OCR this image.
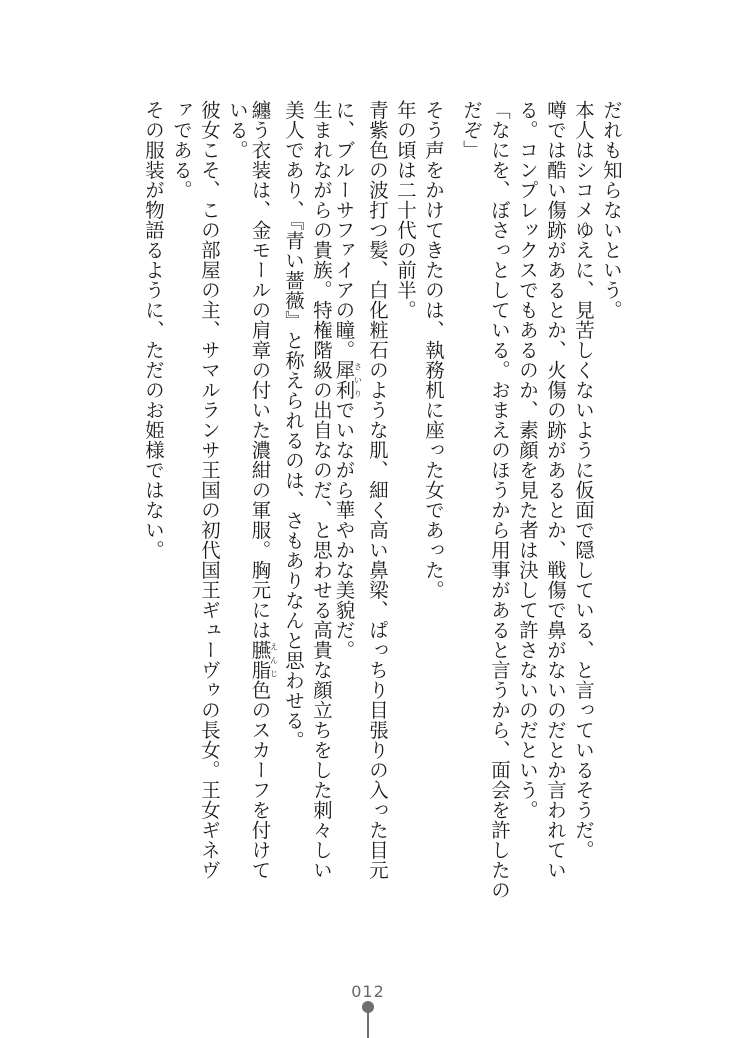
だれも知らないという。
本人はシコメゆえに、見苦しくないように仮面で隠している、と言っているそうだ。
噂では酷い傷跡があるとか、火傷の跡があるとか、戦傷で鼻がないのだとか言われてい
る。コンプレックスでもあるのか、素顔を見た者は決して許さないのだという。
「なにを、ぼさっとしている。おまえのほうから用事があると言うから、面会を許したの
だぞ」
そう声をかけてきたのは、執務机に座った女であった。
年の頃は二十代の前半。
青紫色の波打つ髪、白化粧石のような肌、細く高い鼻梁、ぱっちり目張りの入った目元
に、ブルーサファイアの瞳。犀利さいりでいながら華やかな美貌だ。
生まれながらの貴族。特権階級の出自なのだ、と思わせる高貴な顔立ちをした刺々しい
美人であり、『青い薔薇』と称えられるのは、さもありなんと思わせる。
纏う衣装は、金モールの肩章の付いた濃紺の軍服。胸元には臙脂えんじ色のスカーフを付けて
いる。
彼女こそ、この部屋の主、サマルランサ王国の初代国王ギューヴゥの長女。王女ギネヴ
ァである。
その服装が物語るように、ただのお姫様ではない。
012
